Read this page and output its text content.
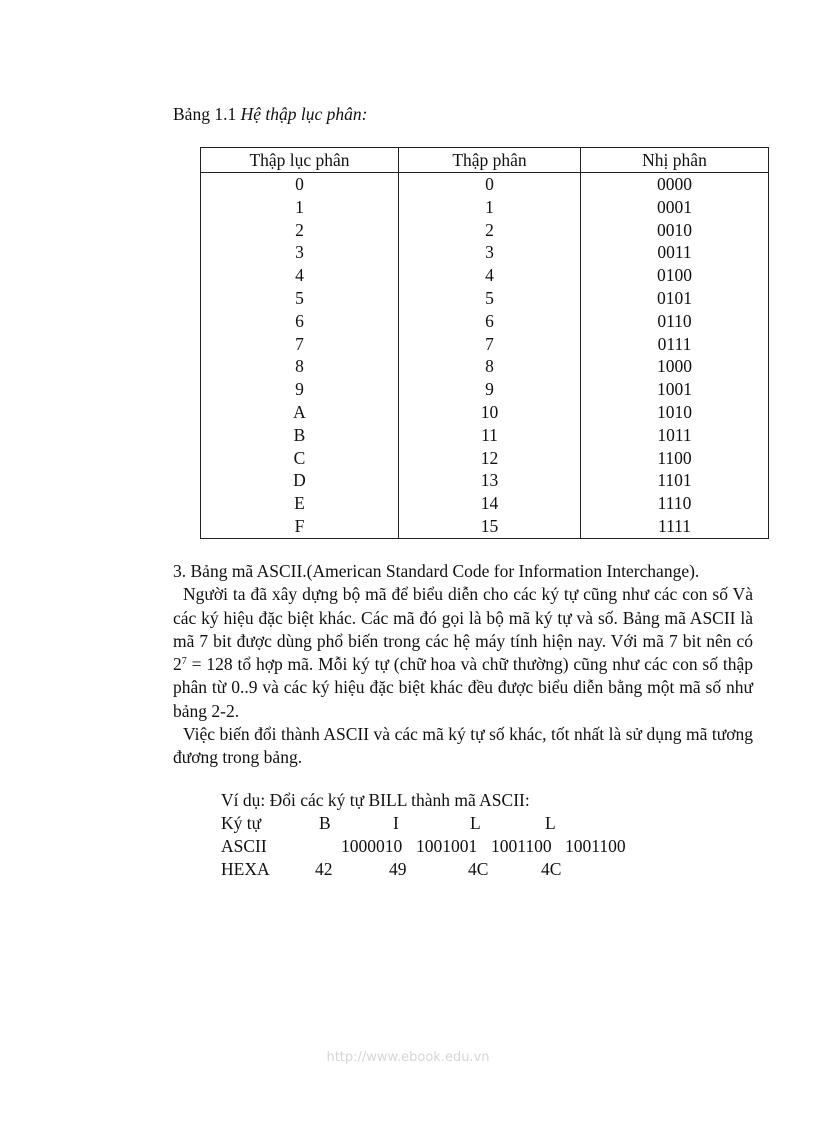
Bảng 1.1 Hệ thập lục phân:
Thập lục phân	Thập phân	Nhị phân
0	0	0000
1	1	0001
2	2	0010
3	3	0011
4	4	0100
5	5	0101
6	6	0110
7	7	0111
8	8	1000
9	9	1001
A	10	1010
B	11	1011
C	12	1100
D	13	1101
E	14	1110
F	15	1111

3. Bảng mã ASCII.(American Standard Code for Information Interchange).

Người ta đã xây dựng bộ mã để biểu diễn cho các ký tự cũng như các con số Và các ký hiệu đặc biệt khác. Các mã đó gọi là bộ mã ký tự và số. Bảng mã ASCII là mã 7 bit được dùng phổ biến trong các hệ máy tính hiện nay. Với mã 7 bit nên có $2^7 = 128$ tổ hợp mã. Mỗi ký tự (chữ hoa và chữ thường) cũng như các con số thập phân từ 0..9 và các ký hiệu đặc biệt khác đều được biểu diễn bằng một mã số như bảng 2-2.

Việc biến đổi thành ASCII và các mã ký tự số khác, tốt nhất là sử dụng mã tương đương trong bảng.

Ví dụ: Đổi các ký tự BILL thành mã ASCII:
Ký tự	B	I	L	L
ASCII	1000010 1001001 1001100 1001100
HEXA	42	49	4C	4C
http://www.ebook.edu.vn
